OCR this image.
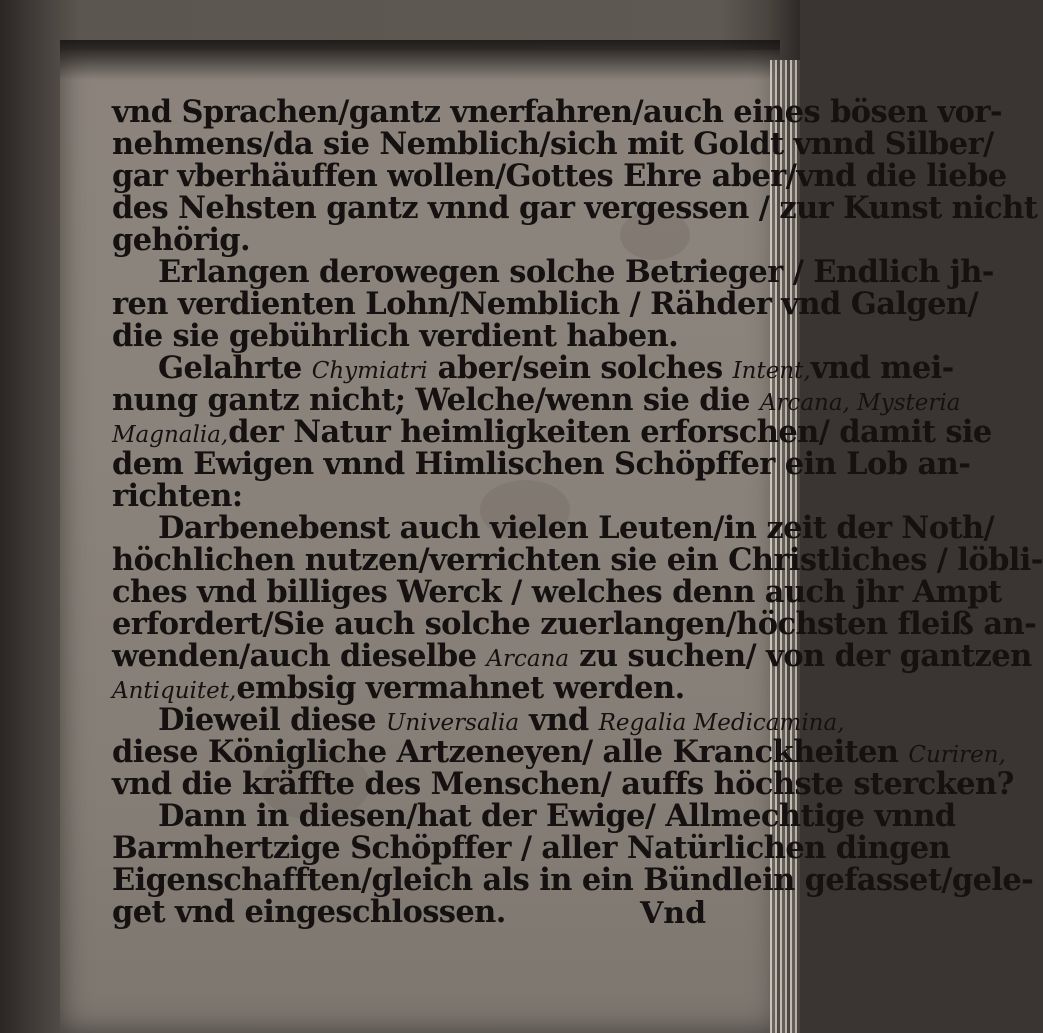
vnd Sprachen/gantz vnerfahren/auch eines bösen vor-
nehmens/da sie Nemblich/sich mit Goldt vnnd Silber/
gar vberhäuffen wollen/Gottes Ehre aber/vnd die liebe
des Nehsten gantz vnnd gar vergessen / zur Kunst nicht
gehörig.
Erlangen derowegen solche Betrieger / Endlich jh-
ren verdienten Lohn/Nemblich / Rähder vnd Galgen/
die sie gebührlich verdient haben.
Gelahrte Chymiatri aber/sein solches Intent,vnd mei-
nung gantz nicht; Welche/wenn sie die Arcana, Mysteria
Magnalia,der Natur heimligkeiten erforschen/ damit sie
dem Ewigen vnnd Himlischen Schöpffer ein Lob an-
richten:
Darbenebenst auch vielen Leuten/in zeit der Noth/
höchlichen nutzen/verrichten sie ein Christliches / löbli-
ches vnd billiges Werck / welches denn auch jhr Ampt
erfordert/Sie auch solche zuerlangen/höchsten fleiß an-
wenden/auch dieselbe Arcana zu suchen/ von der gantzen
Antiquitet,embsig vermahnet werden.
Dieweil diese Universalia vnd Regalia Medicamina,
diese Königliche Artzeneyen/ alle Kranckheiten Curiren,
vnd die kräffte des Menschen/ auffs höchste stercken?
Dann in diesen/hat der Ewige/ Allmechtige vnnd
Barmhertzige Schöpffer / aller Natürlichen dingen
Eigenschafften/gleich als in ein Bündlein gefasset/gele-
get vnd eingeschlossen.	Vnd
